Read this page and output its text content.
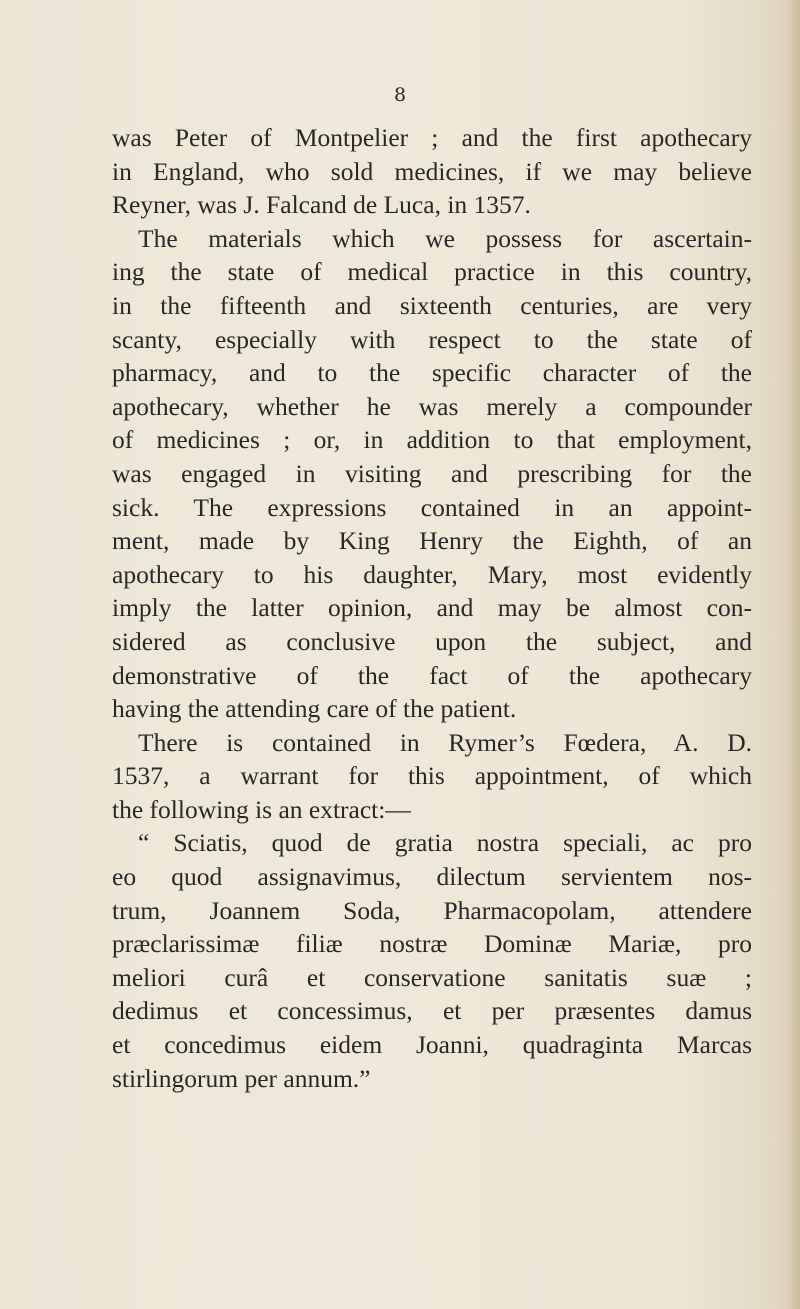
8
was Peter of Montpelier ; and the first apothecary
in England, who sold medicines, if we may believe
Reyner, was J. Falcand de Luca, in 1357.
The materials which we possess for ascertain-
ing the state of medical practice in this country,
in the fifteenth and sixteenth centuries, are very
scanty, especially with respect to the state of
pharmacy, and to the specific character of the
apothecary, whether he was merely a compounder
of medicines ; or, in addition to that employment,
was engaged in visiting and prescribing for the
sick. The expressions contained in an appoint-
ment, made by King Henry the Eighth, of an
apothecary to his daughter, Mary, most evidently
imply the latter opinion, and may be almost con-
sidered as conclusive upon the subject, and
demonstrative of the fact of the apothecary
having the attending care of the patient.
There is contained in Rymer’s Fœdera, A. D.
1537, a warrant for this appointment, of which
the following is an extract:—
“ Sciatis, quod de gratia nostra speciali, ac pro
eo quod assignavimus, dilectum servientem nos-
trum, Joannem Soda, Pharmacopolam, attendere
præclarissimæ filiæ nostræ Dominæ Mariæ, pro
meliori curâ et conservatione sanitatis suæ ;
dedimus et concessimus, et per præsentes damus
et concedimus eidem Joanni, quadraginta Marcas
stirlingorum per annum.”
